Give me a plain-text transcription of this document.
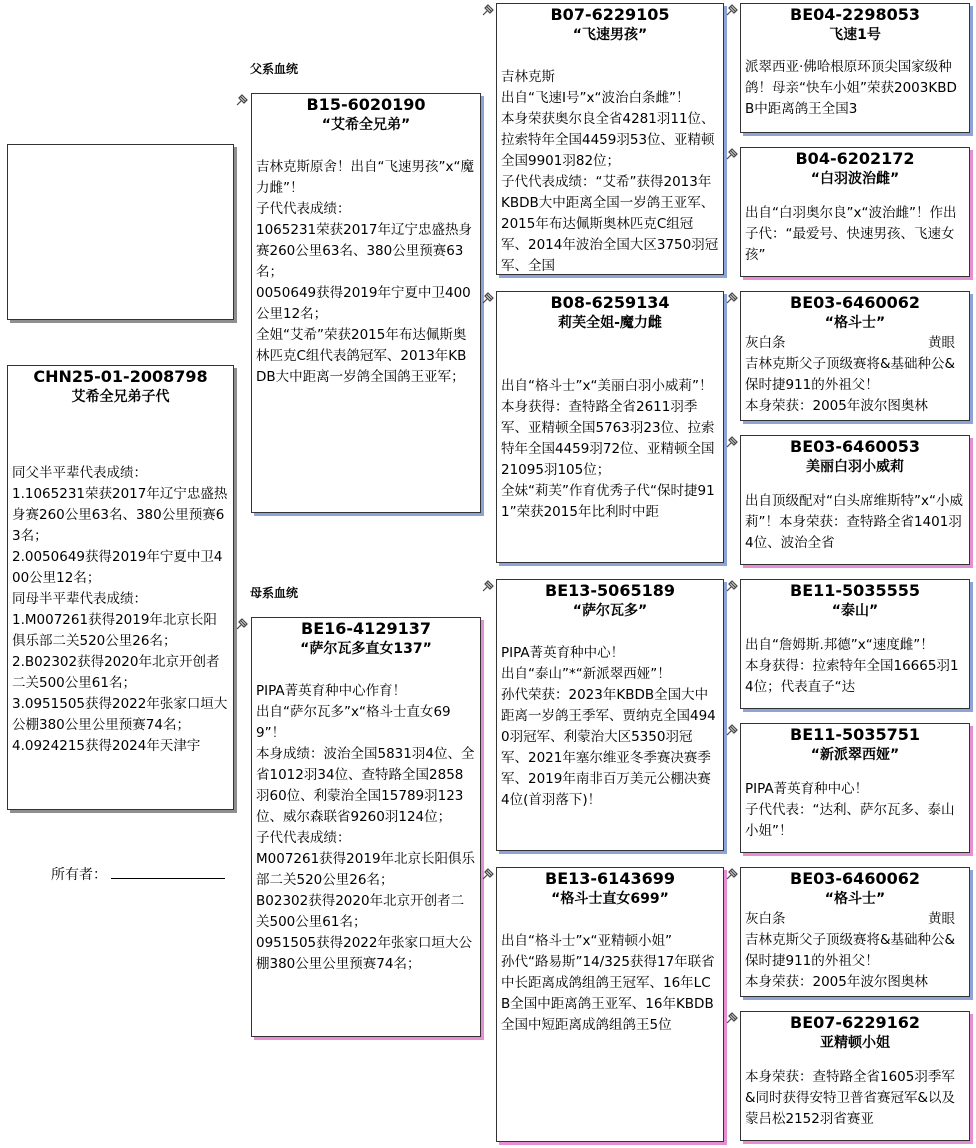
父系血统
母系血统
CHN25-01-2008798
艾希全兄弟子代
同父半平辈代表成绩：
1.1065231荣获2017年辽宁忠盛热身赛260公里63名、380公里预赛63名；
2.0050649获得2019年宁夏中卫400公里12名；
同母半平辈代表成绩：
1.M007261获得2019年北京长阳俱乐部二关520公里26名；
2.B02302获得2020年北京开创者二关500公里61名；
3.0951505获得2022年张家口垣大公棚380公里公里预赛74名；
4.0924215获得2024年天津宇
所有者：
B15-6020190
“艾希全兄弟”
吉林克斯原舍！出自“飞速男孩”x“魔力雌”！
子代代表成绩：
1065231荣获2017年辽宁忠盛热身赛260公里63名、380公里预赛63名；
0050649获得2019年宁夏中卫400公里12名；
全姐“艾希”荣获2015年布达佩斯奥林匹克C组代表鸽冠军、2013年KBDB大中距离一岁鸽全国鸽王亚军；
BE16-4129137
“萨尔瓦多直女137”
PIPA菁英育种中心作育！
出自“萨尔瓦多”x“格斗士直女699”！
本身成绩：波治全国5831羽4位、全省1012羽34位、查特路全国2858羽60位、利蒙治全国15789羽123位、威尔森联省9260羽124位；
子代代表成绩：
M007261获得2019年北京长阳俱乐部二关520公里26名；
B02302获得2020年北京开创者二关500公里61名；
0951505获得2022年张家口垣大公棚380公里公里预赛74名；
B07-6229105
“飞速男孩”
吉林克斯
出自“飞速I号”x“波治白条雌”！
本身荣获奥尔良全省4281羽11位、拉索特年全国4459羽53位、亚精顿全国9901羽82位；
子代代表成绩：“艾希”获得2013年KBDB大中距离全国一岁鸽王亚军、2015年布达佩斯奥林匹克C组冠军、2014年波治全国大区3750羽冠军、全国
B08-6259134
莉芙全姐-魔力雌
出自“格斗士”x“美丽白羽小威莉”！
本身获得：查特路全省2611羽季军、亚精顿全国5763羽23位、拉索特年全国4459羽72位、亚精顿全国21095羽105位；
全妹“莉芙”作育优秀子代“保时捷911”荣获2015年比利时中距
BE13-5065189
“萨尔瓦多”
PIPA菁英育种中心！
出自“泰山”*“新派翠西娅”！
孙代荣获：2023年KBDB全国大中距离一岁鸽王季军、贾纳克全国4940羽冠军、利蒙治大区5350羽冠军、2021年塞尔维亚冬季赛决赛季军、2019年南非百万美元公棚决赛4位(首羽落下)！
BE13-6143699
“格斗士直女699”
出自“格斗士”x“亚精顿小姐”
孙代“路易斯”14/325获得17年联省中长距离成鸽组鸽王冠军、16年LCB全国中距离鸽王亚军、16年KBDB全国中短距离成鸽组鸽王5位
BE04-2298053
飞速1号
派翠西亚·佛哈根原环顶尖国家级种鸽！母亲“快车小姐”荣获2003KBDB中距离鸽王全国3
B04-6202172
“白羽波治雌”
出自“白羽奥尔良”x“波治雌”！作出子代：“最爱号、快速男孩、飞速女孩”
BE03-6460062
“格斗士”
灰白条	黄眼
吉林克斯父子顶级赛将&基础种公&保时捷911的外祖父！
本身荣获：2005年波尔图奥林
BE03-6460053
美丽白羽小威莉
出自顶级配对“白头席维斯特”x“小威莉”！本身荣获：查特路全省1401羽4位、波治全省
BE11-5035555
“泰山”
出自“詹姆斯.邦德”x“速度雌”！
本身获得：拉索特年全国16665羽14位；代表直子“达
BE11-5035751
“新派翠西娅”
PIPA菁英育种中心！
子代代表：“达利、萨尔瓦多、泰山小姐”！
BE03-6460062
“格斗士”
灰白条	黄眼
吉林克斯父子顶级赛将&基础种公&保时捷911的外祖父！
本身荣获：2005年波尔图奥林
BE07-6229162
亚精顿小姐
本身荣获：查特路全省1605羽季军&同时获得安特卫普省赛冠军&以及蒙吕松2152羽省赛亚
